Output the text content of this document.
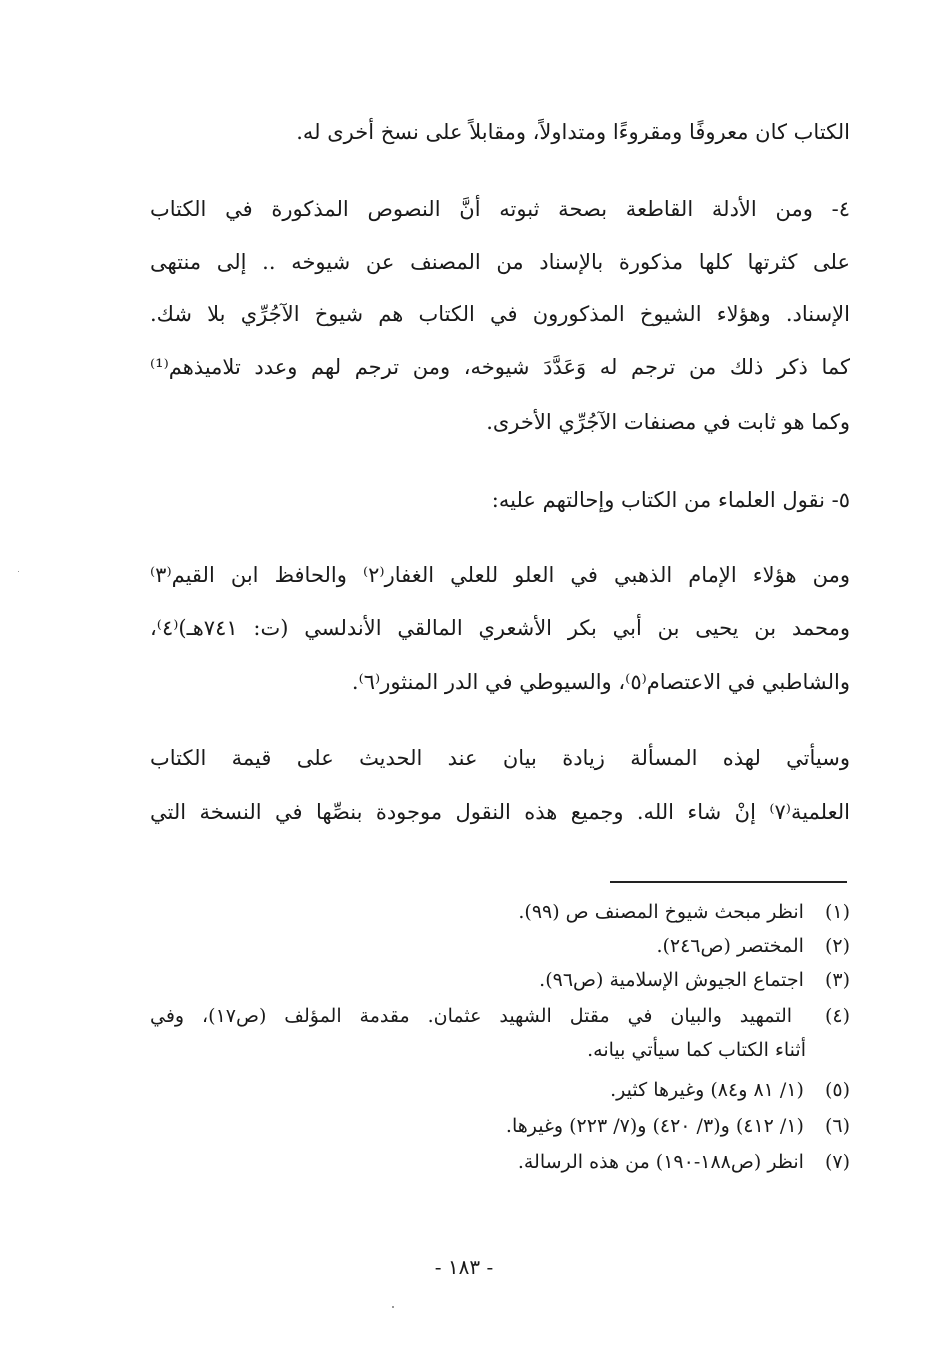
الكتاب كان معروفًا ومقروءًا ومتداولاً، ومقابلاً على نسخ أخرى له.
٤- ومن الأدلة القاطعة بصحة ثبوته أنَّ النصوص المذكورة في الكتاب
على كثرتها كلها مذكورة بالإسناد من المصنف عن شيوخه .. إلى منتهى
الإسناد. وهؤلاء الشيوخ المذكورون في الكتاب هم شيوخ الآجُرِّي بلا شك.
كما ذكر ذلك من ترجم له وَعَدَّدَ شيوخه، ومن ترجم لهم وعدد تلاميذهم⁽¹⁾
وكما هو ثابت في مصنفات الآجُرِّي الأخرى.
٥- نقول العلماء من الكتاب وإحالتهم عليه:
ومن هؤلاء الإمام الذهبي في العلو للعلي الغفار⁽٢⁾ والحافظ ابن القيم⁽٣⁾
ومحمد بن يحيى بن أبي بكر الأشعري المالقي الأندلسي (ت: ٧٤١هـ)⁽٤⁾،
والشاطبي في الاعتصام⁽٥⁾، والسيوطي في الدر المنثور⁽٦⁾.
وسيأتي لهذه المسألة زيادة بيان عند الحديث على قيمة الكتاب
العلمية⁽٧⁾ إنْ شاء الله. وجميع هذه النقول موجودة بنصِّها في النسخة التي
(١) انظر مبحث شيوخ المصنف ص (٩٩).
(٢) المختصر (ص٢٤٦).
(٣) اجتماع الجيوش الإسلامية (ص٩٦).
(٤) التمهيد والبيان في مقتل الشهيد عثمان. مقدمة المؤلف (ص١٧)، وفي
أثناء الكتاب كما سيأتي بيانه.
(٥) (١/ ٨١ و٨٤) وغيرها كثير.
(٦) (١/ ٤١٢) و(٣/ ٤٢٠) و(٧/ ٢٢٣) وغيرها.
(٧) انظر (ص١٨٨-١٩٠) من هذه الرسالة.
- ١٨٣ -
